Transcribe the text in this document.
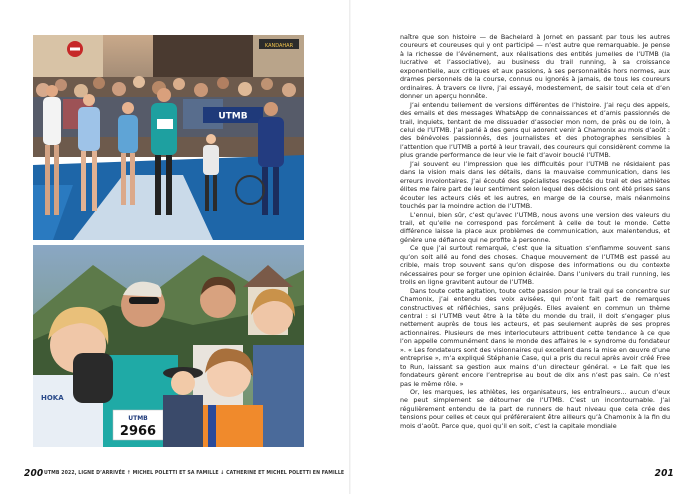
KANDAHAR
UTMB
HOKA
UTMB
2966
200 UTMB 2022, LIGNE D’ARRIVÉE ↑ MICHEL POLETTI ET SA FAMILLE ↓ CATHERINE ET MICHEL POLETTI EN FAMILLE

naître que son histoire — de Bachelard à Jornet en passant par tous les autres coureurs et coureuses qui y ont participé — n’est autre que remarquable. Je pense à la richesse de l’événement, aux réalisations des entités jumelles de l’UTMB (la lucrative et l’associative), au business du trail running, à sa croissance exponentielle, aux critiques et aux passions, à ses personnalités hors normes, aux drames personnels de la course, connus ou ignorés à jamais, de tous les coureurs ordinaires. À travers ce livre, j’ai essayé, modestement, de saisir tout cela et d’en donner un aperçu honnête.

J’ai entendu tellement de versions différentes de l’histoire. J’ai reçu des appels, des emails et des messages WhatsApp de connaissances et d’amis passionnés de trail, inquiets, tentant de me dissuader d’associer mon nom, de près ou de loin, à celui de l’UTMB. J’ai parlé à des gens qui adorent venir à Chamonix au mois d’août : des bénévoles passionnés, des journalistes et des photographes sensibles à l’attention que l’UTMB a porté à leur travail, des coureurs qui considèrent comme la plus grande performance de leur vie le fait d’avoir bouclé l’UTMB.

J’ai souvent eu l’impression que les difficultés pour l’UTMB ne résidaient pas dans la vision mais dans les détails, dans la mauvaise communication, dans les erreurs involontaires. J’ai écouté des spécialistes respectés du trail et des athlètes élites me faire part de leur sentiment selon lequel des décisions ont été prises sans écouter les acteurs clés et les autres, en marge de la course, mais néanmoins touchés par la moindre action de l’UTMB.

L’ennui, bien sûr, c’est qu’avec l’UTMB, nous avons une version des valeurs du trail, et qu’elle ne correspond pas forcément à celle de tout le monde. Cette différence laisse la place aux problèmes de communication, aux malentendus, et génère une défiance qui ne profite à personne.

Ce que j’ai surtout remarqué, c’est que la situation s’enflamme souvent sans qu’on soit allé au fond des choses. Chaque mouvement de l’UTMB est passé au crible, mais trop souvent sans qu’on dispose des informations ou du contexte nécessaires pour se forger une opinion éclairée. Dans l’univers du trail running, les trolls en ligne gravitent autour de l’UTMB.

Dans toute cette agitation, toute cette passion pour le trail qui se concentre sur Chamonix, j’ai entendu des voix avisées, qui m’ont fait part de remarques constructives et réfléchies, sans préjugés. Elles avaient en commun un thème central : si l’UTMB veut être à la tête du monde du trail, il doit s’engager plus nettement auprès de tous les acteurs, et pas seulement auprès de ses propres actionnaires. Plusieurs de mes interlocuteurs attribuent cette tendance à ce que l’on appelle communément dans le monde des affaires le « syndrome du fondateur ». « Les fondateurs sont des visionnaires qui excellent dans la mise en œuvre d’une entreprise », m’a expliqué Stéphanie Case, qui a pris du recul après avoir créé Free to Run, laissant sa gestion aux mains d’un directeur général. « Le fait que les fondateurs gèrent encore l’entreprise au bout de dix ans n’est pas sain. Ce n’est pas le même rôle. »

Or, les marques, les athlètes, les organisateurs, les entraîneurs… aucun d’eux ne peut simplement se détourner de l’UTMB. C’est un incontournable. J’ai régulièrement entendu de la part de runners de haut niveau que cela crée des tensions pour celles et ceux qui préféreraient être ailleurs qu’à Chamonix à la fin du mois d’août. Parce que, quoi qu’il en soit, c’est la capitale mondiale

201
